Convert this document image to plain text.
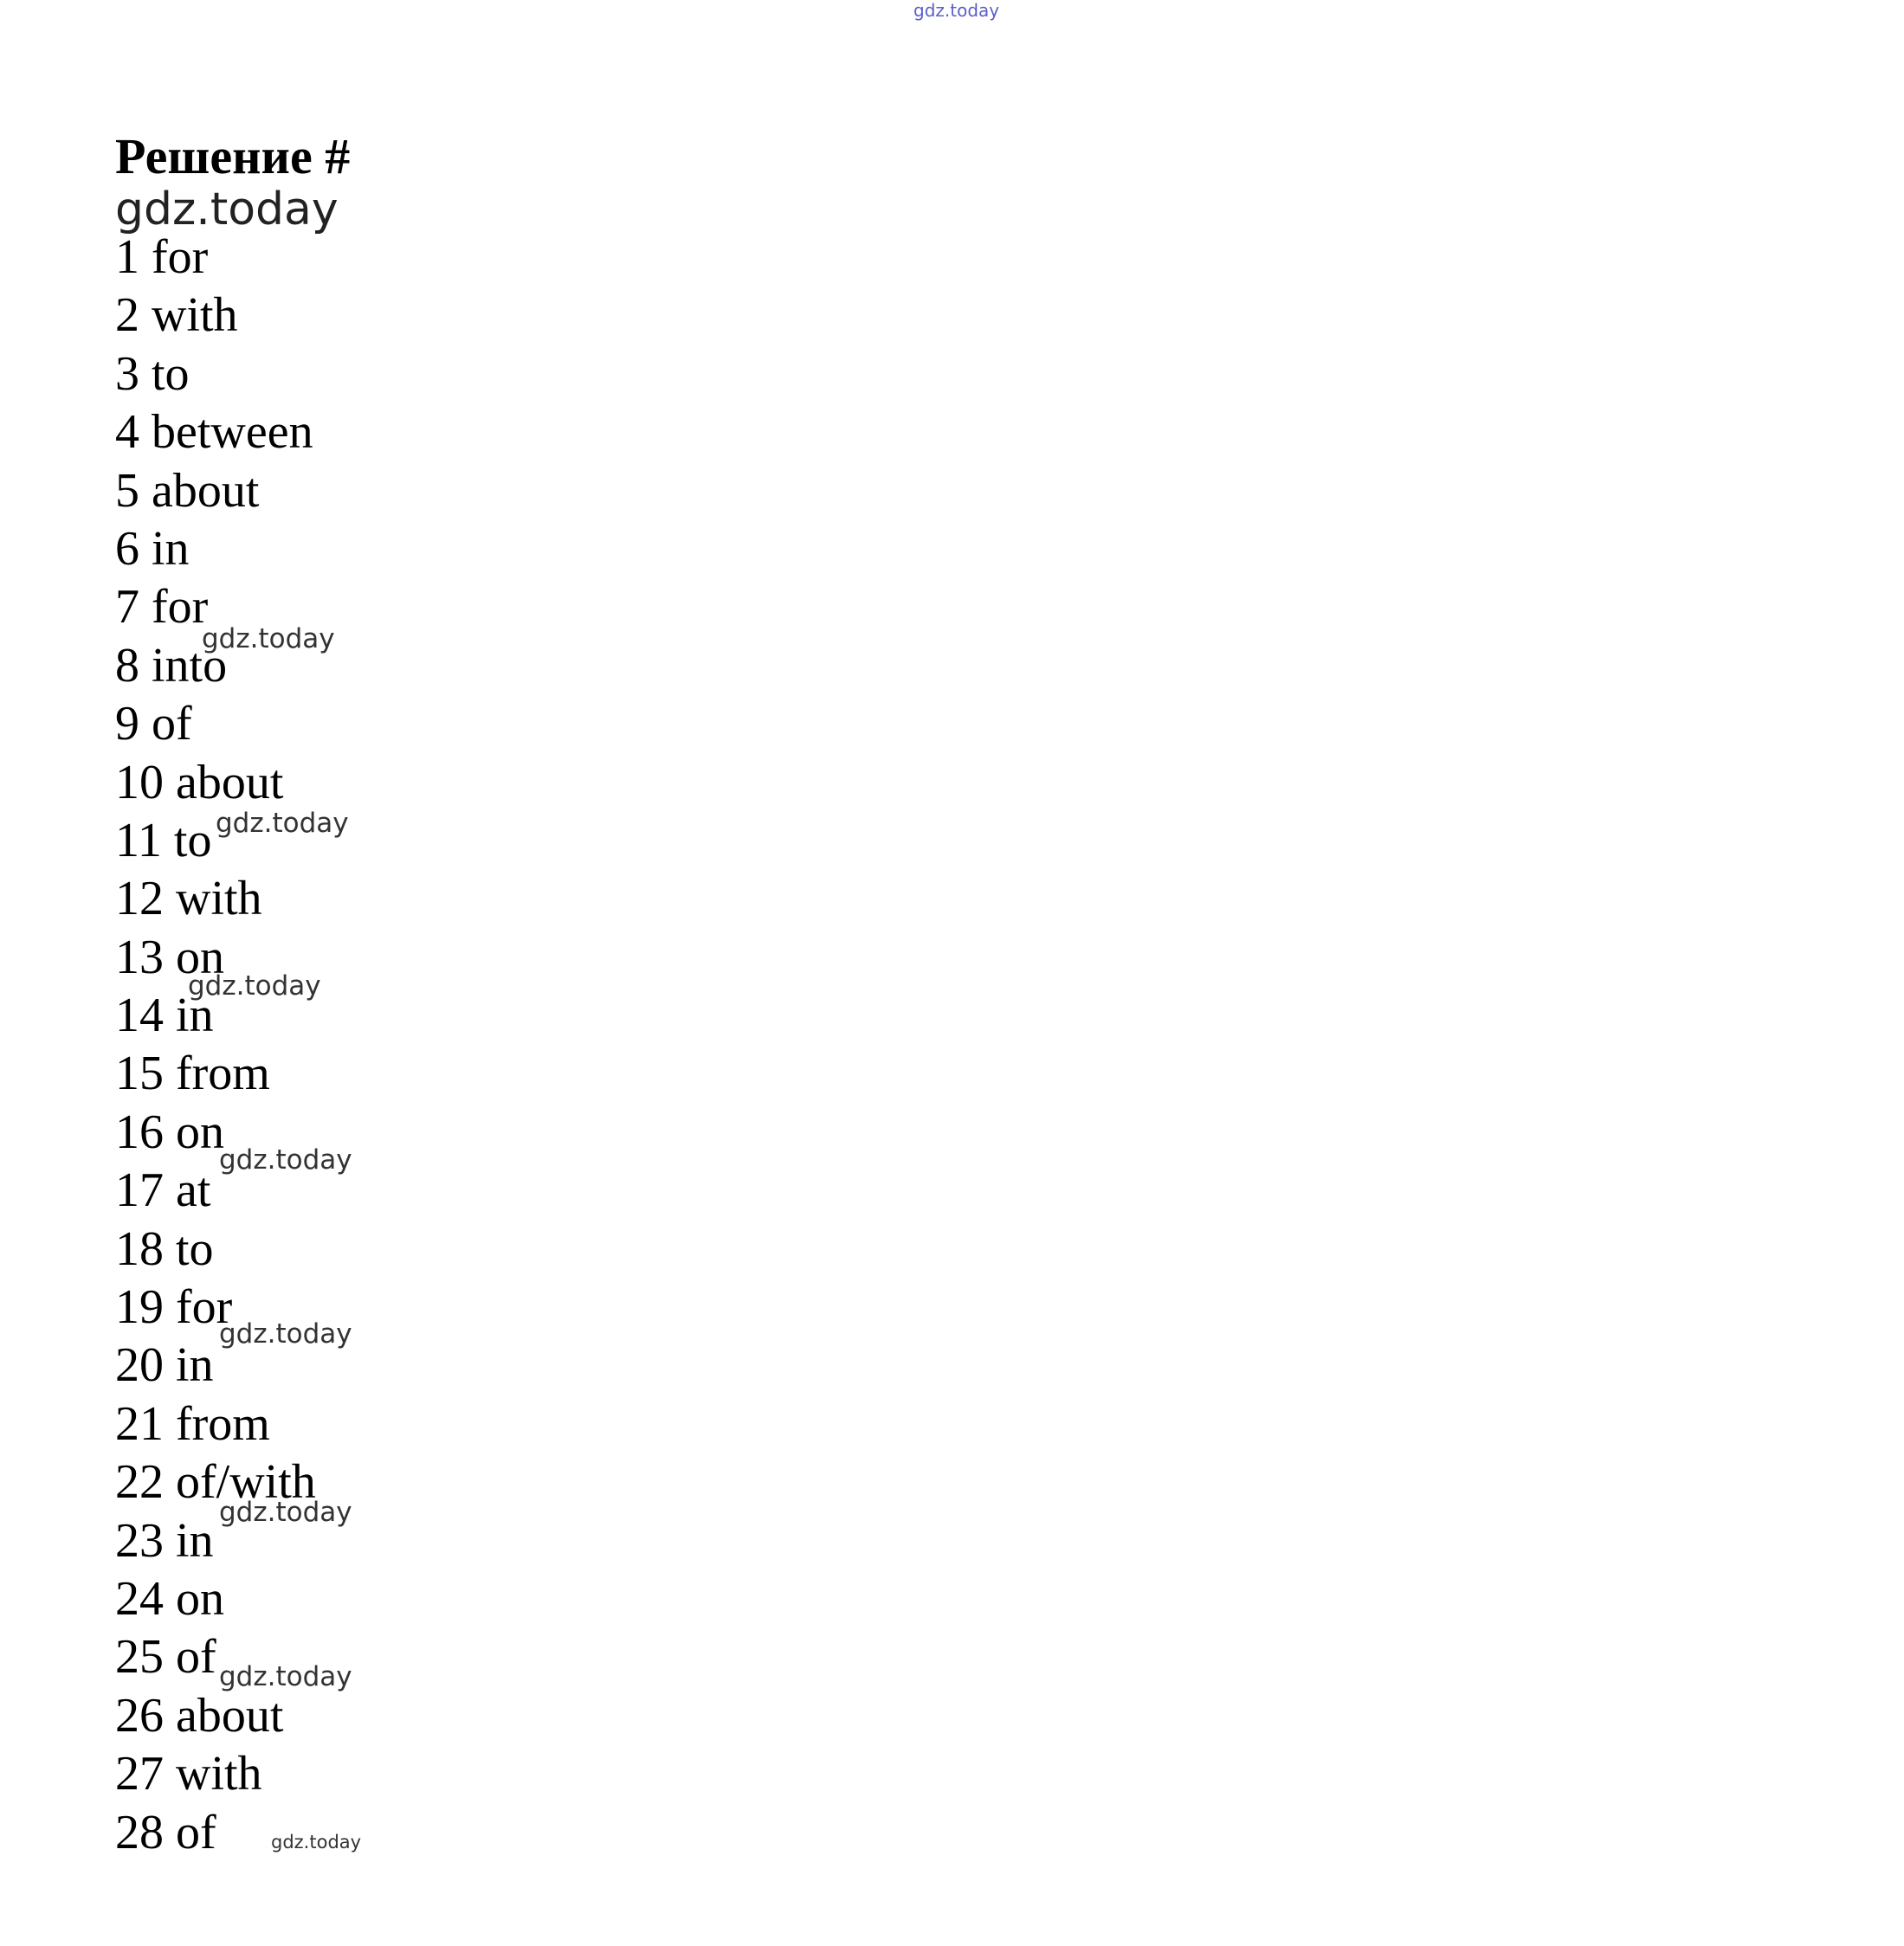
gdz.today
Решение #
gdz.today
1 for
2 with
3 to
4 between
5 about
6 in
7 for
8 into
9 of
10 about
11 to
12 with
13 on
14 in
15 from
16 on
17 at
18 to
19 for
20 in
21 from
22 of/with
23 in
24 on
25 of
26 about
27 with
28 of
gdz.today
gdz.today
gdz.today
gdz.today
gdz.today
gdz.today
gdz.today
gdz.today
